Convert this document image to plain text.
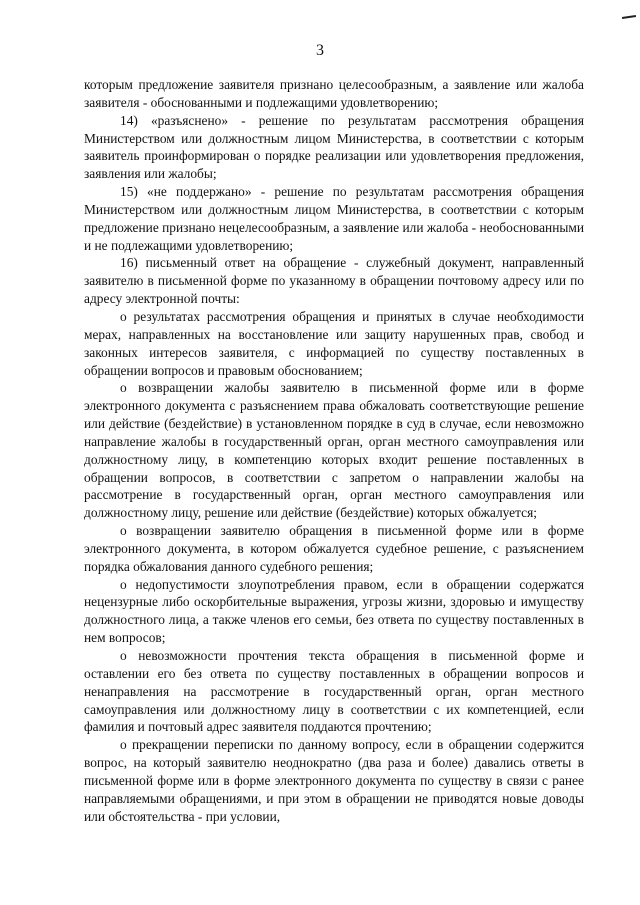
3

которым предложение заявителя признано целесообразным, а заявление или жалоба заявителя - обоснованными и подлежащими удовлетворению;

14) «разъяснено» - решение по результатам рассмотрения обращения Министерством или должностным лицом Министерства, в соответствии с которым заявитель проинформирован о порядке реализации или удовлетворения предложения, заявления или жалобы;

15) «не поддержано» - решение по результатам рассмотрения обращения Министерством или должностным лицом Министерства, в соответствии с которым предложение признано нецелесообразным, а заявление или жалоба - необоснованными и не подлежащими удовлетворению;

16) письменный ответ на обращение - служебный документ, направленный заявителю в письменной форме по указанному в обращении почтовому адресу или по адресу электронной почты:

о результатах рассмотрения обращения и принятых в случае необходимости мерах, направленных на восстановление или защиту нарушенных прав, свобод и законных интересов заявителя, с информацией по существу поставленных в обращении вопросов и правовым обоснованием;

о возвращении жалобы заявителю в письменной форме или в форме электронного документа с разъяснением права обжаловать соответствующие решение или действие (бездействие) в установленном порядке в суд в случае, если невозможно направление жалобы в государственный орган, орган местного самоуправления или должностному лицу, в компетенцию которых входит решение поставленных в обращении вопросов, в соответствии с запретом о направлении жалобы на рассмотрение в государственный орган, орган местного самоуправления или должностному лицу, решение или действие (бездействие) которых обжалуется;

о возвращении заявителю обращения в письменной форме или в форме электронного документа, в котором обжалуется судебное решение, с разъяснением порядка обжалования данного судебного решения;

о недопустимости злоупотребления правом, если в обращении содержатся нецензурные либо оскорбительные выражения, угрозы жизни, здоровью и имуществу должностного лица, а также членов его семьи, без ответа по существу поставленных в нем вопросов;

о невозможности прочтения текста обращения в письменной форме и оставлении его без ответа по существу поставленных в обращении вопросов и ненаправления на рассмотрение в государственный орган, орган местного самоуправления или должностному лицу в соответствии с их компетенцией, если фамилия и почтовый адрес заявителя поддаются прочтению;

о прекращении переписки по данному вопросу, если в обращении содержится вопрос, на который заявителю неоднократно (два раза и более) давались ответы в письменной форме или в форме электронного документа по существу в связи с ранее направляемыми обращениями, и при этом в обращении не приводятся новые доводы или обстоятельства - при условии,
